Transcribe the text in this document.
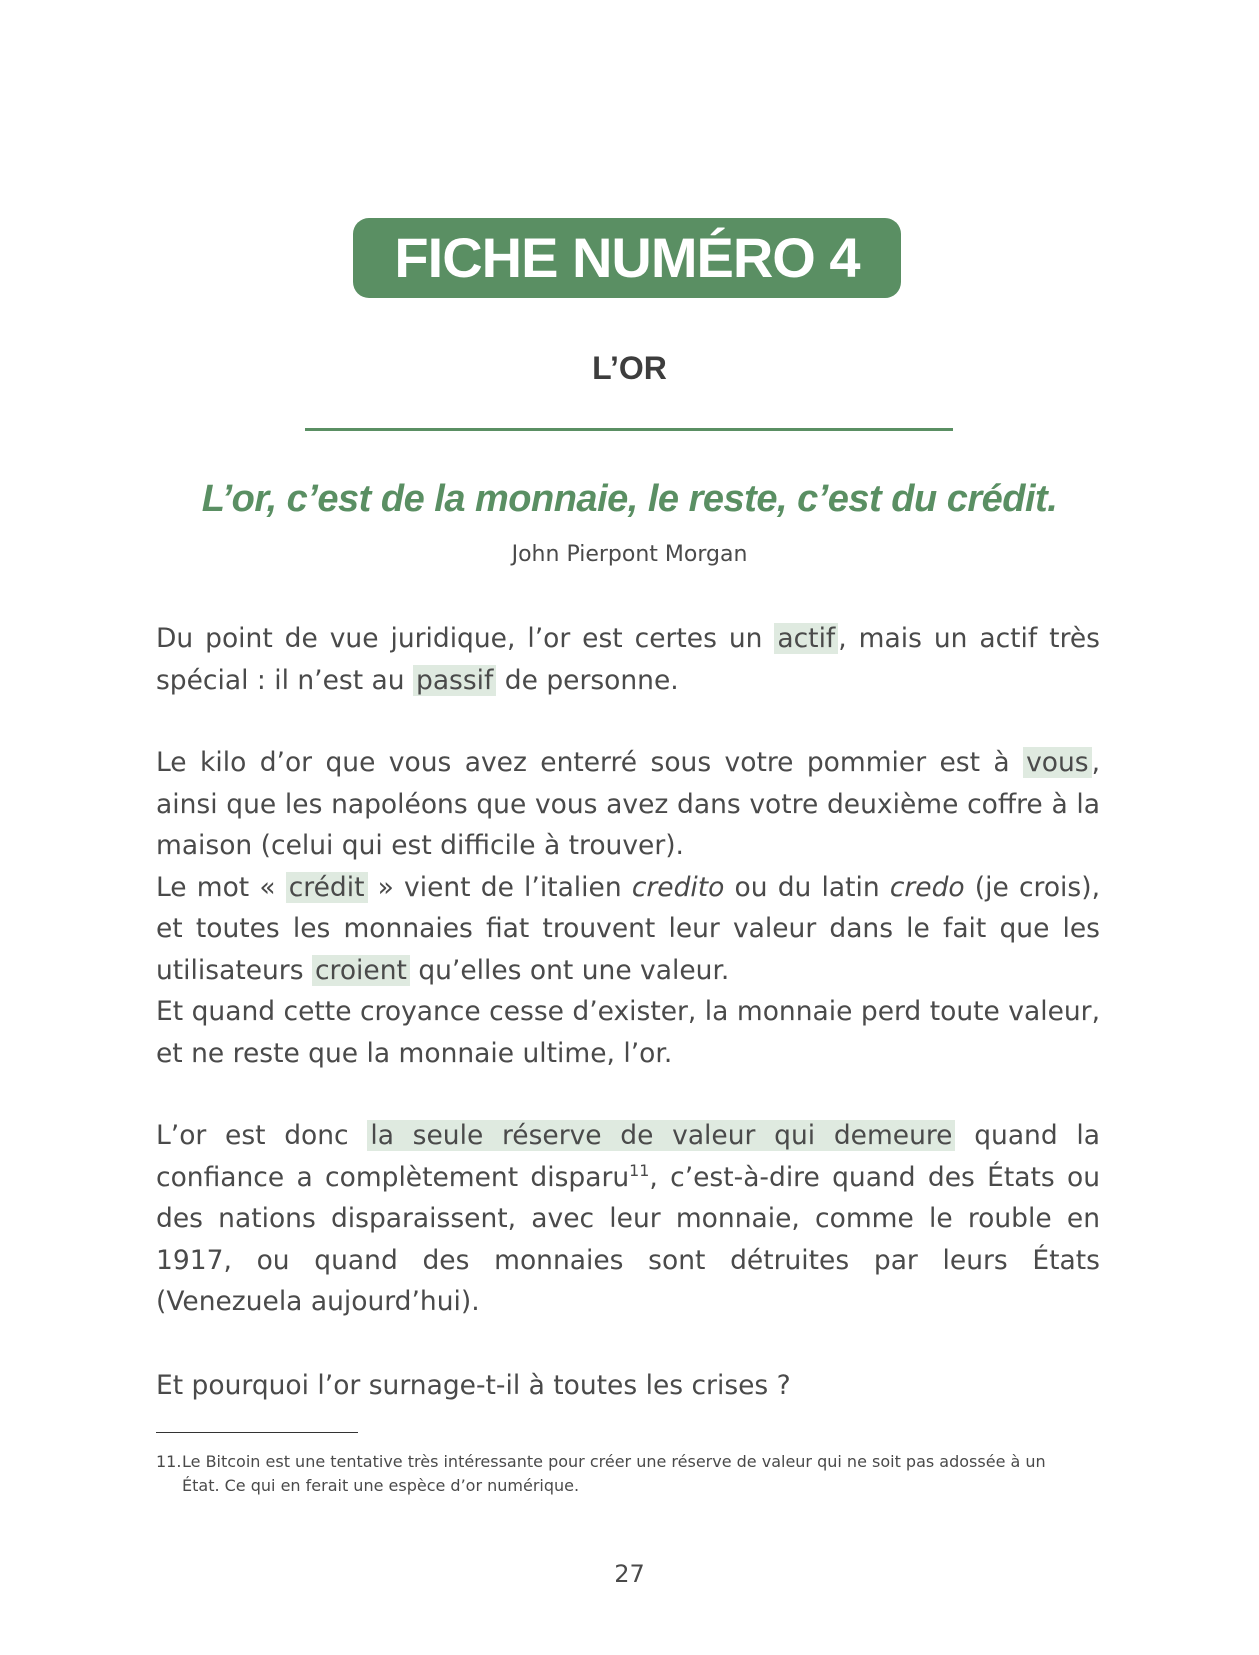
FICHE NUMÉRO 4
L’OR
L’or, c’est de la monnaie, le reste, c’est du crédit.
John Pierpont Morgan

Du point de vue juridique, l’or est certes un actif , mais un actif très spécial : il n’est au passif de personne.

Le kilo d’or que vous avez enterré sous votre pommier est à vous , ainsi que les napoléons que vous avez dans votre deuxième coffre à la maison (celui qui est difficile à trouver).

Le mot « crédit » vient de l’italien credito ou du latin credo (je crois), et toutes les monnaies fiat trouvent leur valeur dans le fait que les utilisateurs croient qu’elles ont une valeur.

Et quand cette croyance cesse d’exister, la monnaie perd toute valeur, et ne reste que la monnaie ultime, l’or.

L’or est donc la seule réserve de valeur qui demeure quand la confiance a complètement disparu$^{11}$, c’est-à-dire quand des États ou des nations disparaissent, avec leur monnaie, comme le rouble en 1917, ou quand des monnaies sont détruites par leurs États (Venezuela aujourd’hui).

Et pourquoi l’or surnage-t-il à toutes les crises ?

11.Le Bitcoin est une tentative très intéressante pour créer une réserve de valeur qui ne soit pas adossée à un
État. Ce qui en ferait une espèce d’or numérique.
27
